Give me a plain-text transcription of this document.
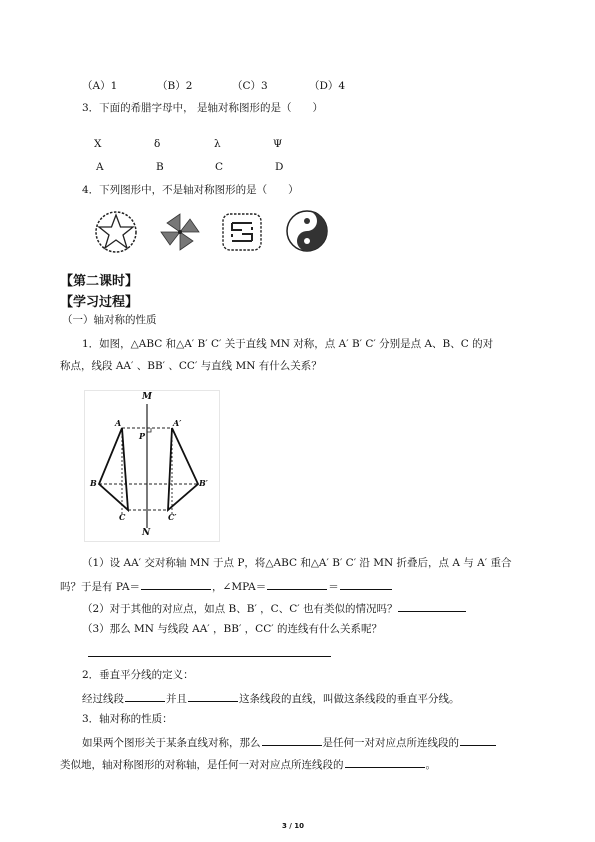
（A）1	（B）2	（C）3	（D）4
3．下面的希腊字母中， 是轴对称图形的是（　　）
Χ	δ	λ	Ψ
A	B	C	D
4．下列图形中，不是轴对称图形的是（　　）
【第二课时】
【学习过程】
（一）轴对称的性质
1．如图，△ABC 和△A′ B′ C′ 关于直线 MN 对称，点 A′ B′ C′ 分别是点 A、B、C 的对
称点，线段 AA′ 、BB′ 、CC′ 与直线 MN 有什么关系？
M
N
A	A′
P
B	B′
C	C′
（1）设 AA′ 交对称轴 MN 于点 P，将△ABC 和△A′ B′ C′ 沿 MN 折叠后，点 A 与 A′ 重合
吗？于是有 PA＝	，∠MPA＝	＝
（2）对于其他的对应点，如点 B、B′ ，C、C′ 也有类似的情况吗？
（3）那么 MN 与线段 AA′ ，BB′ ，CC′ 的连线有什么关系呢？
2．垂直平分线的定义：
经过线段	并且	这条线段的直线，叫做这条线段的垂直平分线。
3．轴对称的性质：
如果两个图形关于某条直线对称，那么	是任何一对对应点所连线段的
类似地，轴对称图形的对称轴，是任何一对对应点所连线段的	。
3 / 10
